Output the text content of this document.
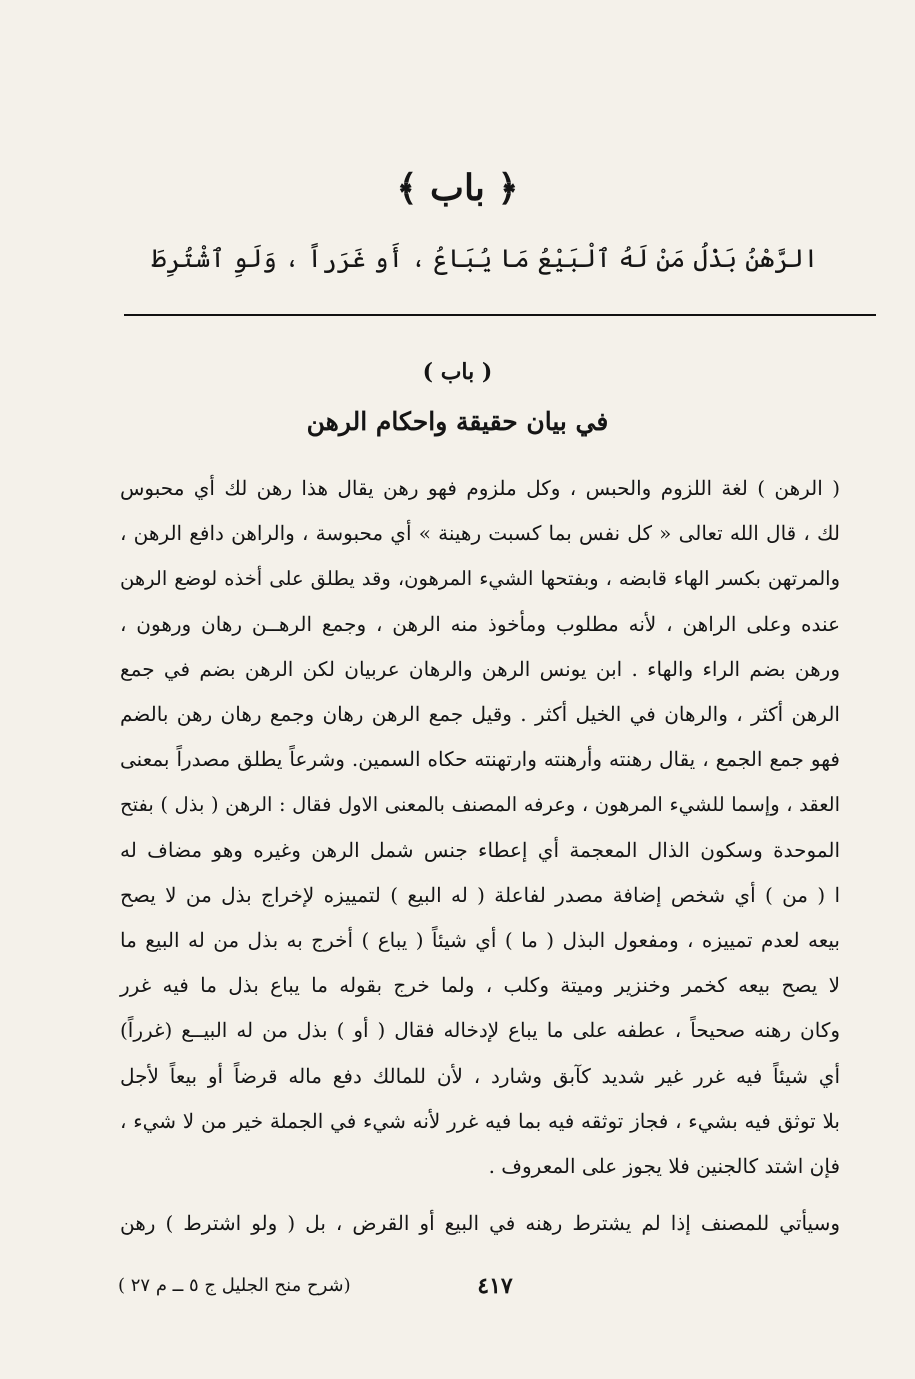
﴿ باب ﴾
الرَّهْنُ بَذْلُ مَنْ لَهُ ٱلْبَيْعُ مَا يُبَاعُ ، أَو غَرَراً ، وَلَوِ ٱشْتُرِطَ
( باب )
في بيان حقيقة واحكام الرهن
( الرهن ) لغة اللزوم والحبس ، وكل ملزوم فهو رهن يقال هذا رهن لك أي محبوس
لك ، قال الله تعالى « كل نفس بما كسبت رهينة » أي محبوسة ، والراهن دافع الرهن ،
والمرتهن بكسر الهاء قابضه ، وبفتحها الشيء المرهون، وقد يطلق على أخذه لوضع الرهن
عنده وعلى الراهن ، لأنه مطلوب ومأخوذ منه الرهن ، وجمع الرهــن رهان ورهون ،
ورهن بضم الراء والهاء . ابن يونس الرهن والرهان عربيان لكن الرهن بضم في جمع
الرهن أكثر ، والرهان في الخيل أكثر . وقيل جمع الرهن رهان وجمع رهان رهن بالضم
فهو جمع الجمع ، يقال رهنته وأرهنته وارتهنته حكاه السمين. وشرعاً يطلق مصدراً بمعنى
العقد ، وإسما للشيء المرهون ، وعرفه المصنف بالمعنى الاول فقال : الرهن ( بذل ) بفتح
الموحدة وسكون الذال المعجمة أي إعطاء جنس شمل الرهن وغيره وهو مضاف له
ا ( من ) أي شخص إضافة مصدر لفاعلة ( له البيع ) لتمييزه لإخراج بذل من لا يصح
بيعه لعدم تمييزه ، ومفعول البذل ( ما ) أي شيئاً ( يباع ) أخرج به بذل من له البيع ما
لا يصح بيعه كخمر وخنزير وميتة وكلب ، ولما خرج بقوله ما يباع بذل ما فيه غرر
وكان رهنه صحيحاً ، عطفه على ما يباع لإدخاله فقال ( أو ) بذل من له البيــع (غرراً)
أي شيئاً فيه غرر غير شديد كآبق وشارد ، لأن للمالك دفع ماله قرضاً أو بيعاً لأجل
بلا توثق فيه بشيء ، فجاز توثقه فيه بما فيه غرر لأنه شيء في الجملة خير من لا شيء ،
فإن اشتد كالجنين فلا يجوز على المعروف .
وسيأتي للمصنف إذا لم يشترط رهنه في البيع أو القرض ، بل ( ولو اشترط ) رهن
٤١٧
(شرح منح الجليل ج ٥ ــ م ٢٧ )
